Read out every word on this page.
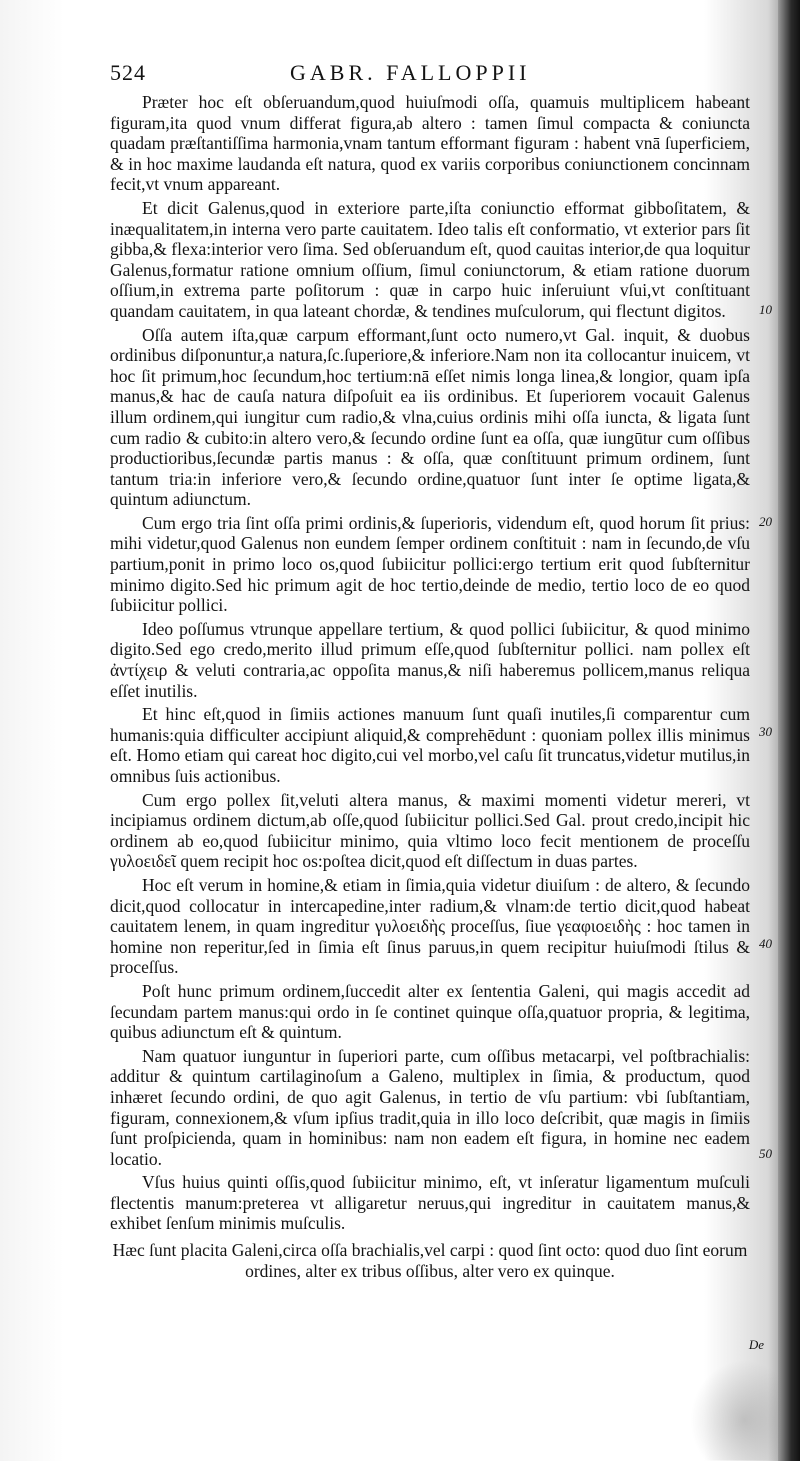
524	GABR. FALLOPPII

Præter hoc eſt obſeruandum,quod huiuſmodi oſſa, quamuis multiplicem habeant figuram,ita quod vnum differat figura,ab altero : tamen ſimul compacta & coniuncta quadam præſtantiſſima harmonia,vnam tantum efformant figuram : habent vnā ſuperficiem, & in hoc maxime laudanda eſt natura, quod ex variis corporibus coniunctionem concinnam fecit,vt vnum appareant.

Et dicit Galenus,quod in exteriore parte,iſta coniunctio efformat gibboſitatem, & inæqualitatem,in interna vero parte cauitatem. Ideo talis eſt conformatio, vt exterior pars ſit gibba,& flexa:interior vero ſima. Sed obſeruandum eſt, quod cauitas interior,de qua loquitur Galenus,formatur ratione omnium oſſium, ſimul coniunctorum, & etiam ratione duorum oſſium,in extrema parte poſitorum : quæ in carpo huic inſeruiunt vſui,vt conſtituant quandam cauitatem, in qua lateant chordæ, & tendines muſculorum, qui flectunt digitos.

Oſſa autem iſta,quæ carpum efformant,ſunt octo numero,vt Gal. inquit, & duobus ordinibus diſponuntur,a natura,ſc.ſuperiore,& inferiore.Nam non ita collocantur inuicem, vt hoc ſit primum,hoc ſecundum,hoc tertium:nā eſſet nimis longa linea,& longior, quam ipſa manus,& hac de cauſa natura diſpoſuit ea iis ordinibus. Et ſuperiorem vocauit Galenus illum ordinem,qui iungitur cum radio,& vlna,cuius ordinis mihi oſſa iuncta, & ligata ſunt cum radio & cubito:in altero vero,& ſecundo ordine ſunt ea oſſa, quæ iungūtur cum oſſibus productioribus,ſecundæ partis manus : & oſſa, quæ conſtituunt primum ordinem, ſunt tantum tria:in inferiore vero,& ſecundo ordine,quatuor ſunt inter ſe optime ligata,& quintum adiunctum.

Cum ergo tria ſint oſſa primi ordinis,& ſuperioris, videndum eſt, quod horum ſit prius: mihi videtur,quod Galenus non eundem ſemper ordinem conſtituit : nam in ſecundo,de vſu partium,ponit in primo loco os,quod ſubiicitur pollici:ergo tertium erit quod ſubſternitur minimo digito.Sed hic primum agit de hoc tertio,deinde de medio, tertio loco de eo quod ſubiicitur pollici.

Ideo poſſumus vtrunque appellare tertium, & quod pollici ſubiicitur, & quod minimo digito.Sed ego credo,merito illud primum eſſe,quod ſubſternitur pollici. nam pollex eſt ἀντίχειρ & veluti contraria,ac oppoſita manus,& niſi haberemus pollicem,manus reliqua eſſet inutilis.

Et hinc eſt,quod in ſimiis actiones manuum ſunt quaſi inutiles,ſi comparentur cum humanis:quia difficulter accipiunt aliquid,& comprehēdunt : quoniam pollex illis minimus eſt. Homo etiam qui careat hoc digito,cui vel morbo,vel caſu ſit truncatus,videtur mutilus,in omnibus ſuis actionibus.

Cum ergo pollex ſit,veluti altera manus, & maximi momenti videtur mereri, vt incipiamus ordinem dictum,ab oſſe,quod ſubiicitur pollici.Sed Gal. prout credo,incipit hic ordinem ab eo,quod ſubiicitur minimo, quia vltimo loco fecit mentionem de proceſſu γυλοειδεῖ quem recipit hoc os:poſtea dicit,quod eſt diſſectum in duas partes.

Hoc eſt verum in homine,& etiam in ſimia,quia videtur diuiſum : de altero, & ſecundo dicit,quod collocatur in intercapedine,inter radium,& vlnam:de tertio dicit,quod habeat cauitatem lenem, in quam ingreditur γυλοειδὴς proceſſus, ſiue γεαφιοειδὴς : hoc tamen in homine non reperitur,ſed in ſimia eſt ſinus paruus,in quem recipitur huiuſmodi ſtilus & proceſſus.

Poſt hunc primum ordinem,ſuccedit alter ex ſententia Galeni, qui magis accedit ad ſecundam partem manus:qui ordo in ſe continet quinque oſſa,quatuor propria, & legitima, quibus adiunctum eſt & quintum.

Nam quatuor iunguntur in ſuperiori parte, cum oſſibus metacarpi, vel poſtbrachialis: additur & quintum cartilaginoſum a Galeno, multiplex in ſimia, & productum, quod inhæret ſecundo ordini, de quo agit Galenus, in tertio de vſu partium: vbi ſubſtantiam, figuram, connexionem,& vſum ipſius tradit,quia in illo loco deſcribit, quæ magis in ſimiis ſunt proſpicienda, quam in hominibus: nam non eadem eſt figura, in homine nec eadem locatio.

Vſus huius quinti oſſis,quod ſubiicitur minimo, eſt, vt inſeratur ligamentum muſculi flectentis manum:preterea vt alligaretur neruus,qui ingreditur in cauitatem manus,& exhibet ſenſum minimis muſculis.

Hæc ſunt placita Galeni,circa oſſa brachialis,vel carpi : quod ſint octo: quod duo ſint eorum ordines, alter ex tribus oſſibus, alter vero ex quinque.

10
20
30
40
50
De
